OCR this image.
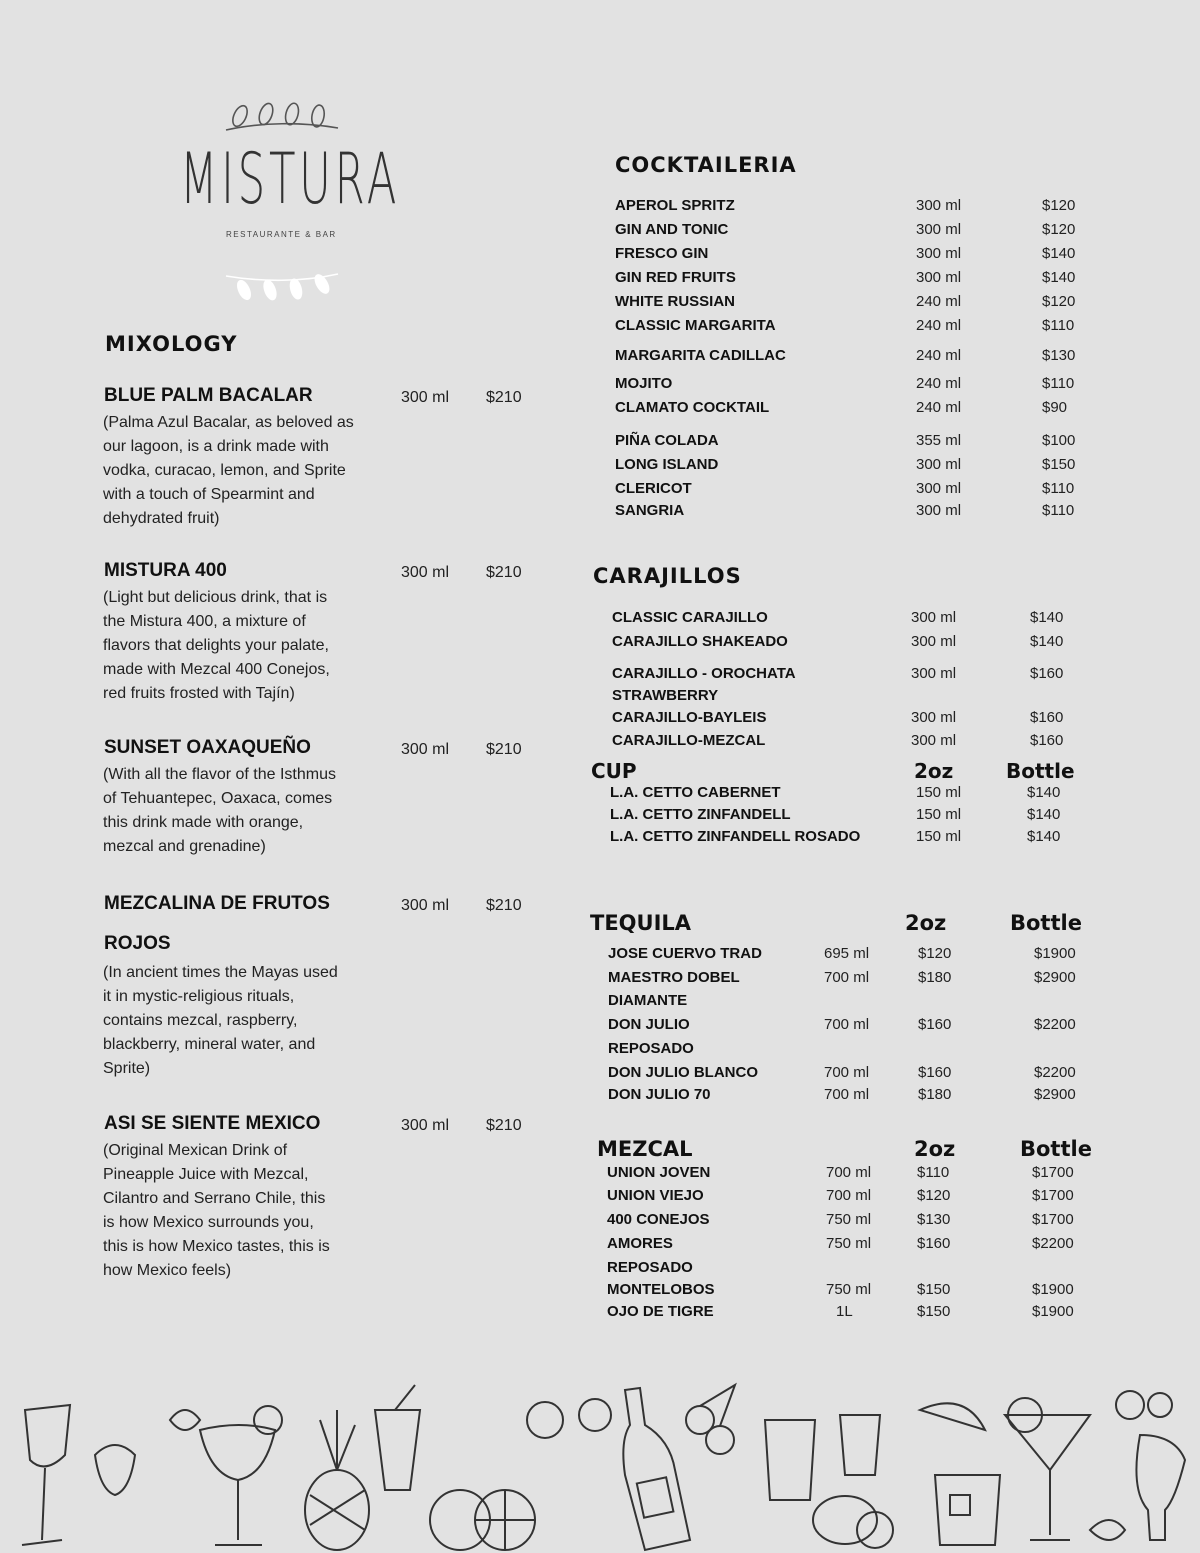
MISTURA
RESTAURANTE & BAR
MIXOLOGY
BLUE PALM BACALAR	300 ml $210
(Palma Azul Bacalar, as beloved as
our lagoon, is a drink made with
vodka, curacao, lemon, and Sprite
with a touch of Spearmint and
dehydrated fruit)
MISTURA 400	300 ml $210
(Light but delicious drink, that is
the Mistura 400, a mixture of
flavors that delights your palate,
made with Mezcal 400 Conejos,
red fruits frosted with Tajín)
SUNSET OAXAQUEÑO	300 ml $210
(With all the flavor of the Isthmus
of Tehuantepec, Oaxaca, comes
this drink made with orange,
mezcal and grenadine)
MEZCALINA DE FRUTOS	300 ml $210
ROJOS
(In ancient times the Mayas used
it in mystic-religious rituals,
contains mezcal, raspberry,
blackberry, mineral water, and
Sprite)
ASI SE SIENTE MEXICO	300 ml $210
(Original Mexican Drink of
Pineapple Juice with Mezcal,
Cilantro and Serrano Chile, this
is how Mexico surrounds you,
this is how Mexico tastes, this is
how Mexico feels)
COCKTAILERIA
APEROL SPRITZ	300 ml	$120
GIN AND TONIC	300 ml	$120
FRESCO GIN	300 ml	$140
GIN RED FRUITS	300 ml	$140
WHITE RUSSIAN	240 ml	$120
CLASSIC MARGARITA	240 ml	$110
MARGARITA CADILLAC	240 ml	$130
MOJITO	240 ml	$110
CLAMATO COCKTAIL	240 ml	$90
PIÑA COLADA	355 ml	$100
LONG ISLAND	300 ml	$150
CLERICOT	300 ml	$110
SANGRIA	300 ml	$110
CARAJILLOS
CLASSIC CARAJILLO	300 ml	$140
CARAJILLO SHAKEADO	300 ml	$140
CARAJILLO - OROCHATA	300 ml	$160
STRAWBERRY
CARAJILLO-BAYLEIS	300 ml	$160
CARAJILLO-MEZCAL	300 ml	$160
CUP	2oz	Bottle
L.A. CETTO CABERNET	150 ml	$140
L.A. CETTO ZINFANDELL	150 ml	$140
L.A. CETTO ZINFANDELL ROSADO	150 ml	$140
TEQUILA	2oz	Bottle
JOSE CUERVO TRAD	695 ml	$120	$1900
MAESTRO DOBEL	700 ml	$180	$2900
DIAMANTE
DON JULIO	700 ml	$160	$2200
REPOSADO
DON JULIO BLANCO	700 ml	$160	$2200
DON JULIO 70	700 ml	$180	$2900
MEZCAL	2oz	Bottle
UNION JOVEN	700 ml	$110	$1700
UNION VIEJO	700 ml	$120	$1700
400 CONEJOS	750 ml	$130	$1700
AMORES	750 ml	$160	$2200
REPOSADO
MONTELOBOS	750 ml	$150	$1900
OJO DE TIGRE	1L	$150	$1900
